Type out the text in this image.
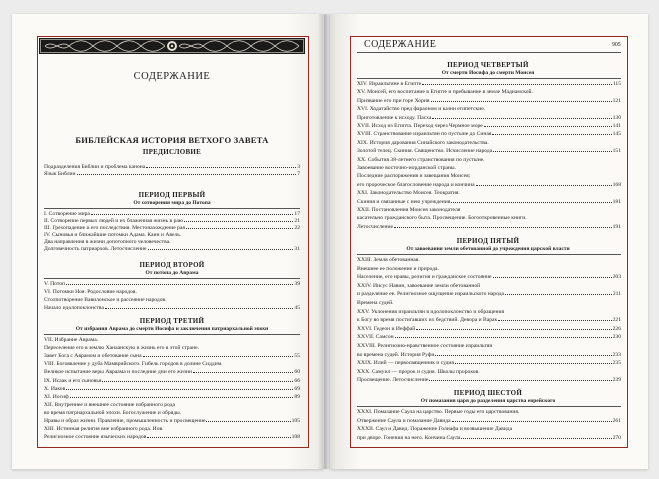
СОДЕРЖАНИЕ
БИБЛЕЙСКАЯ ИСТОРИЯ ВЕТХОГО ЗАВЕТА
ПРЕДИСЛОВИЕ
Подразделения Библии и проблема канона	3
Язык Библии	7
ПЕРИОД ПЕРВЫЙ
От сотворения мира до Потопа
I. Сотворение мира	17
II. Сотворение первых людей и их блаженная жизнь в раю	21
III. Грехопадение и его последствия. Местонахождение рая	22
IV. Сыновья и ближайшие потомки Адама. Каин и Авель.
Два направления в жизни допотопного человечества.
Долговечность патриархов. Летосчисление	31
ПЕРИОД ВТОРОЙ
От потопа до Аврама
V. Потоп	39
VI. Потомки Ноя. Родословие народов.
Столпотворение Вавилонское и рассеяние народов.
Начало идолопоклонства	45
ПЕРИОД ТРЕТИЙ
От избрания Аврама до смерти Иосифа и заключения патриархальной эпохи
VII. Избрание Аврама.
Переселение его в землю Ханаанскую и жизнь его в этой стране.
Завет Бога с Аврамом и обетование сына	55
VIII. Богоявление у дуба Мамврийского. Гибель городов в долине Сиддим.
Великое испытание веры Авраама и последние дни его жизни	60
IX. Исаак и его сыновья	66
X. Иаков	69
XI. Иосиф	89
XII. Внутреннее и внешнее состояние избранного рода
во время патриархальной эпохи. Богослужение и обряды.
Нравы и образ жизни. Правление, промышленность и просвещение	105
XIII. Истинная религия вне избранного рода. Иов.
Религиозное состояние языческих народов	108
СОДЕРЖАНИЕ	905
ПЕРИОД ЧЕТВЕРТЫЙ
От смерти Иосифа до смерти Моисея
XIV. Израильтяне в Египте	115
XV. Моисей, его воспитание в Египте и пребывание в земле Мадиамской.
Призвание его при горе Хорив	121
XVI. Ходатайство пред фараоном и казни египетские.
Приготовление к исходу. Пасха	130
XVII. Исход из Египта. Переход через Чермное море	141
XVIII. Странствование израильтян по пустыне до Синая	145
XIX. История дарования Синайского законодательства.
Золотой телец. Скиния. Священство. Исчисление народа	151
XX. События 38-летнего странствования по пустыне.
Завоевание восточно-иорданской страны.
Последние распоряжения и завещания Моисея;
его пророческое благословение народа и кончина	168
XXI. Законодательство Моисея. Теократия.
Скиния и связанные с нею учреждения	181
XXII. Постановления Моисея законодателя
касательно гражданского быта. Просвещение. Богооткровенные книги.
Летосчисление	191
ПЕРИОД ПЯТЫЙ
От завоевания земли обетованной до учреждения царской власти
XXIII. Земля обетованная.
Внешнее ее положение и природа.
Население, его нравы, религия и гражданское состояние	203
XXIV. Иисус Навин, завоевание земли обетованной
и разделение ее. Религиозное ощущение израильского народа	211
Времена судей.
XXV. Уклонения израильтян в идолопоклонство и обращения
к Богу во время постигавших их бедствий. Девора и Варак	221
XXVI. Гедеон и Иеффай	226
XXVII. Самсон	230
XXVIII. Религиозно-нравственное состояние израильтян
во времена судей. История Руфи	233
XXIX. Илий — первосвященник и судия	235
XXX. Самуил — пророк и судия. Школы пророков.
Просвещение. Летосчисление	239
ПЕРИОД ШЕСТОЙ
От помазания царя до разделения царства еврейского
XXXI. Помазание Саула на царство. Первые годы его царствования.
Отвержение Саула и помазание Давида	261
XXXII. Саул и Давид. Поражение Голиафа и возвышение Давида
при дворе. Гонения на него. Кончина Саула	270
